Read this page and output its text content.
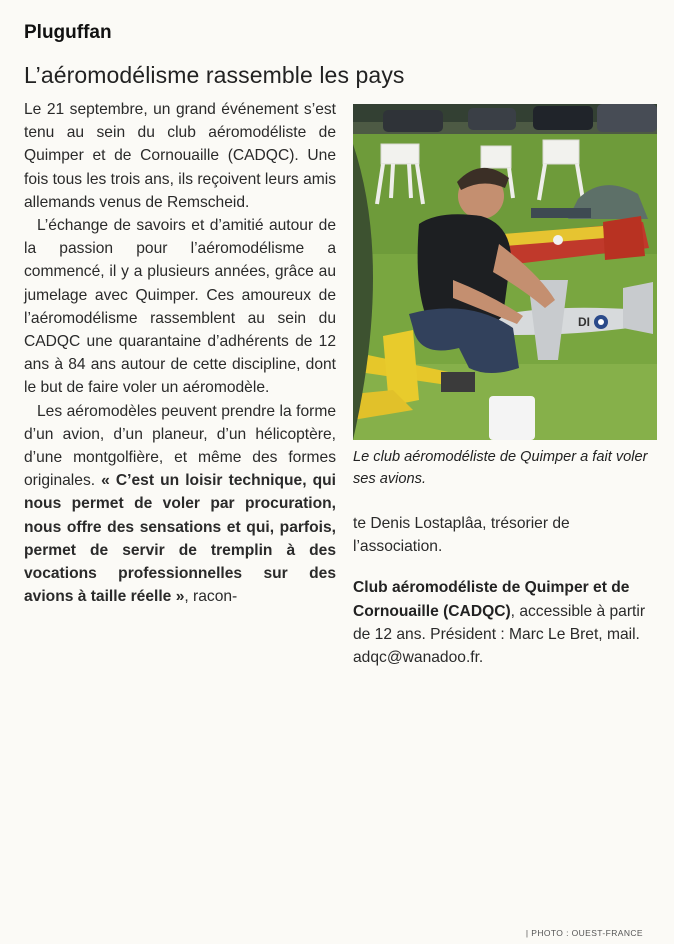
Pluguffan
L’aéromodélisme rassemble les pays

Le 21 septembre, un grand événement s’est tenu au sein du club aéromodéliste de Quimper et de Cornouaille (CADQC). Une fois tous les trois ans, ils reçoivent leurs amis allemands venus de Remscheid.

L’échange de savoirs et d’amitié autour de la passion pour l’aéromodélisme a commencé, il y a plusieurs années, grâce au jumelage avec Quimper. Ces amoureux de l’aéromodélisme rassemblent au sein du CADQC une quarantaine d’adhérents de 12 ans à 84 ans autour de cette discipline, dont le but de faire voler un aéromodèle.

Les aéromodèles peuvent prendre la forme d’un avion, d’un planeur, d’un hélicoptère, d’une montgolfière, et même des formes originales. « C’est un loisir technique, qui nous permet de voler par procuration, nous offre des sensations et qui, parfois, permet de servir de tremplin à des vocations professionnelles sur des avions à taille réelle », racon-

DI
Le club aéromodéliste de Quimper a fait voler ses avions.
| PHOTO : OUEST-FRANCE

te Denis Lostaplâa, trésorier de l’association.

Club aéromodéliste de Quimper et de Cornouaille (CADQC), accessible à partir de 12 ans. Président : Marc Le Bret, mail. adqc@wanadoo.fr.
